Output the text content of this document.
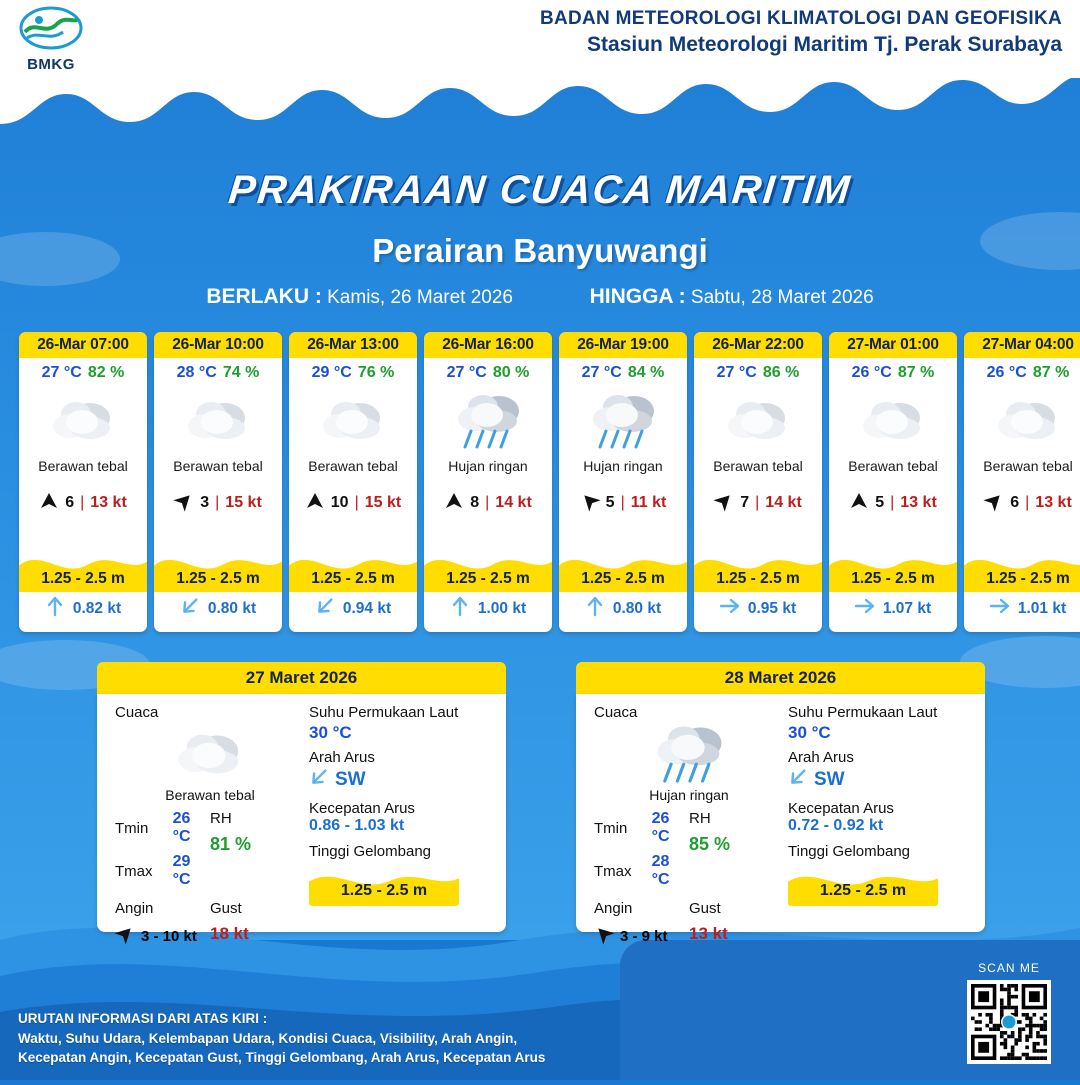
BMKG
BADAN METEOROLOGI KLIMATOLOGI DAN GEOFISIKA
Stasiun Meteorologi Maritim Tj. Perak Surabaya
PRAKIRAAN CUACA MARITIM
Perairan Banyuwangi
BERLAKU : Kamis, 26 Maret 2026	HINGGA : Sabtu, 28 Maret 2026
26-Mar 07:00
27 °C 82 %
Berawan tebal
6 | 13 kt
1.25 - 2.5 m
0.82 kt
26-Mar 10:00
28 °C 74 %
Berawan tebal
3 | 15 kt
1.25 - 2.5 m
0.80 kt
26-Mar 13:00
29 °C 76 %
Berawan tebal
10 | 15 kt
1.25 - 2.5 m
0.94 kt
26-Mar 16:00
27 °C 80 %
Hujan ringan
8 | 14 kt
1.25 - 2.5 m
1.00 kt
26-Mar 19:00
27 °C 84 %
Hujan ringan
5 | 11 kt
1.25 - 2.5 m
0.80 kt
26-Mar 22:00
27 °C 86 %
Berawan tebal
7 | 14 kt
1.25 - 2.5 m
0.95 kt
27-Mar 01:00
26 °C 87 %
Berawan tebal
5 | 13 kt
1.25 - 2.5 m
1.07 kt
27-Mar 04:00
26 °C 87 %
Berawan tebal
6 | 13 kt
1.25 - 2.5 m
1.01 kt
27 Maret 2026
Cuaca
Berawan tebal
Tmin
26 °C
Tmax
29 °C
RH
81 %
Angin
3 - 10 kt
Gust
18 kt
Suhu Permukaan Laut
30 °C
Arah Arus
SW
Kecepatan Arus
0.86 - 1.03 kt
Tinggi Gelombang
1.25 - 2.5 m
28 Maret 2026
Cuaca
Hujan ringan
Tmin
26 °C
Tmax
28 °C
RH
85 %
Angin
3 - 9 kt
Gust
13 kt
Suhu Permukaan Laut
30 °C
Arah Arus
SW
Kecepatan Arus
0.72 - 0.92 kt
Tinggi Gelombang
1.25 - 2.5 m
URUTAN INFORMASI DARI ATAS KIRI :
Waktu, Suhu Udara, Kelembapan Udara, Kondisi Cuaca, Visibility, Arah Angin,
Kecepatan Angin, Kecepatan Gust, Tinggi Gelombang, Arah Arus, Kecepatan Arus
SCAN ME
